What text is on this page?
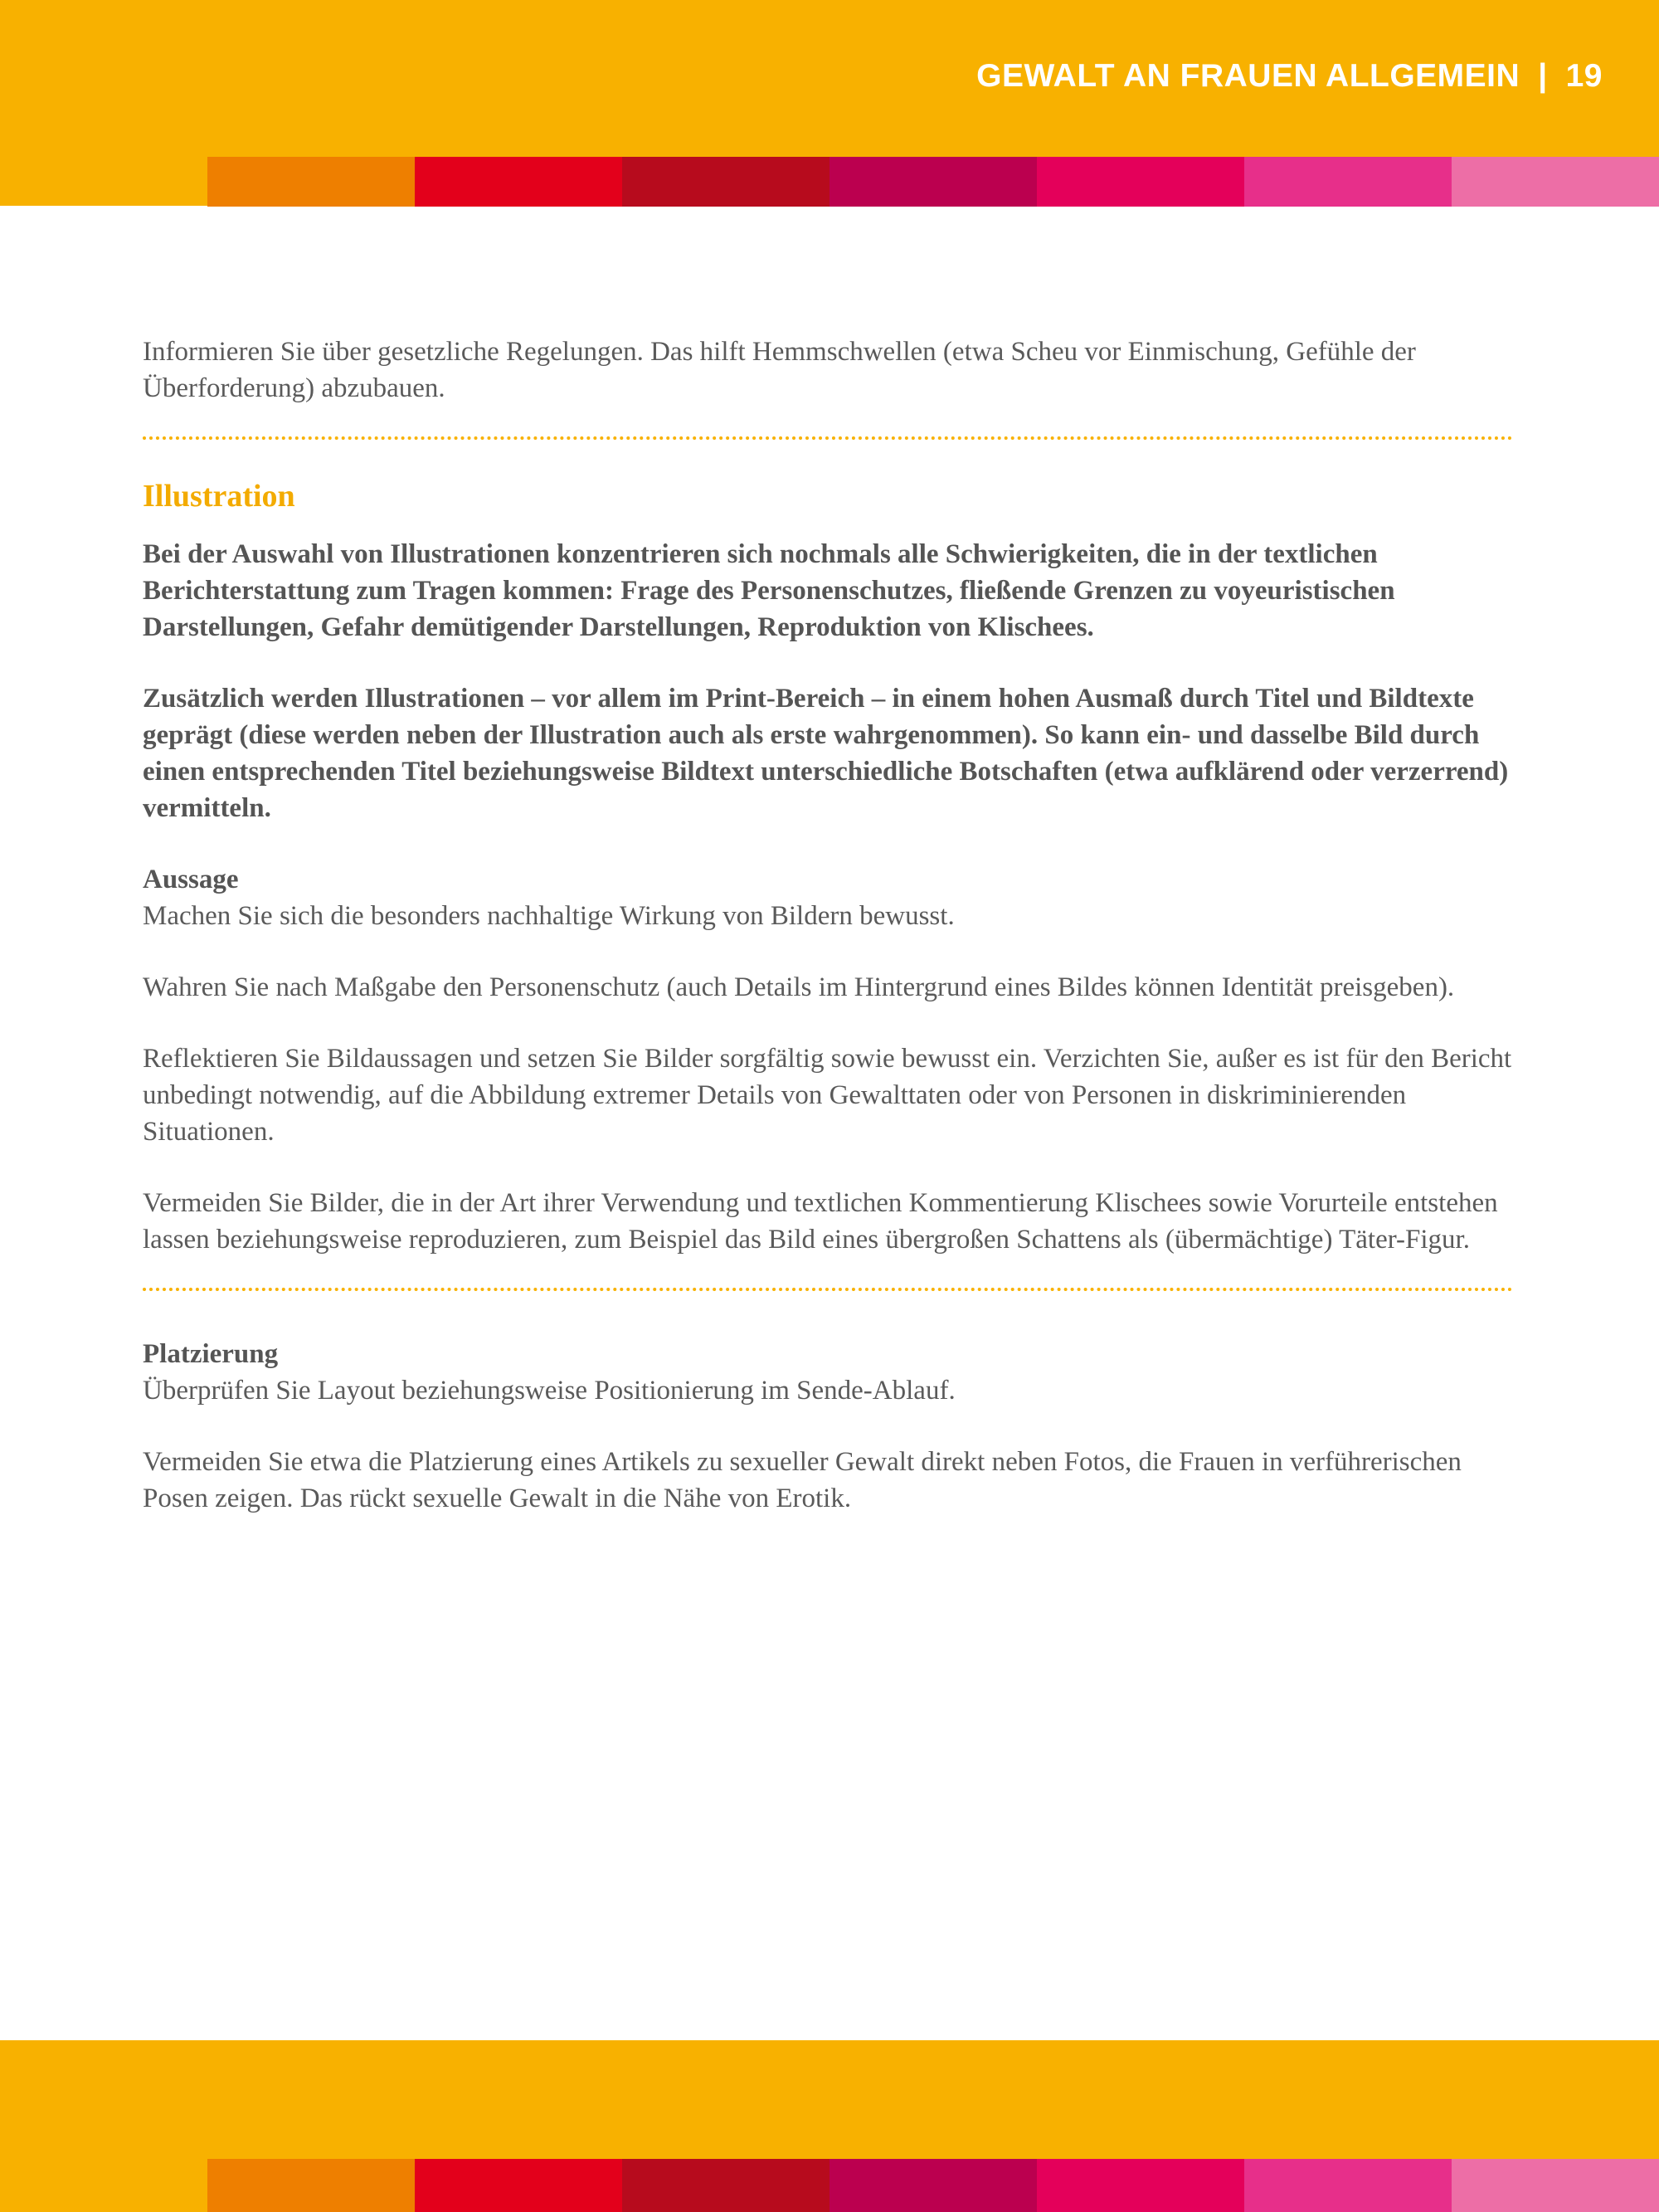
GEWALT AN FRAUEN ALLGEMEIN | 19

Informieren Sie über gesetzliche Regelungen. Das hilft Hemmschwellen (etwa Scheu vor Einmischung, Gefühle der Überforderung) abzubauen.

Illustration

Bei der Auswahl von Illustrationen konzentrieren sich nochmals alle Schwierigkeiten, die in der textlichen Berichterstattung zum Tragen kommen: Frage des Personenschutzes, fließende Grenzen zu voyeuristischen Darstellungen, Gefahr demütigender Darstellungen, Reproduktion von Klischees.

Zusätzlich werden Illustrationen – vor allem im Print-Bereich – in einem hohen Ausmaß durch Titel und Bildtexte geprägt (diese werden neben der Illustration auch als erste wahrgenommen). So kann ein- und dasselbe Bild durch einen entsprechenden Titel beziehungsweise Bildtext unterschiedliche Botschaften (etwa aufklärend oder verzerrend) vermitteln.

Aussage

Machen Sie sich die besonders nachhaltige Wirkung von Bildern bewusst.

Wahren Sie nach Maßgabe den Personenschutz (auch Details im Hintergrund eines Bildes können Identität preisgeben).

Reflektieren Sie Bildaussagen und setzen Sie Bilder sorgfältig sowie bewusst ein. Verzichten Sie, außer es ist für den Bericht unbedingt notwendig, auf die Abbildung extremer Details von Gewalttaten oder von Personen in diskriminierenden Situationen.

Vermeiden Sie Bilder, die in der Art ihrer Verwendung und textlichen Kommentierung Klischees sowie Vorurteile entstehen lassen beziehungsweise reproduzieren, zum Beispiel das Bild eines übergroßen Schattens als (übermächtige) Täter-Figur.

Platzierung

Überprüfen Sie Layout beziehungsweise Positionierung im Sende-Ablauf.

Vermeiden Sie etwa die Platzierung eines Artikels zu sexueller Gewalt direkt neben Fotos, die Frauen in verführerischen Posen zeigen. Das rückt sexuelle Gewalt in die Nähe von Erotik.
